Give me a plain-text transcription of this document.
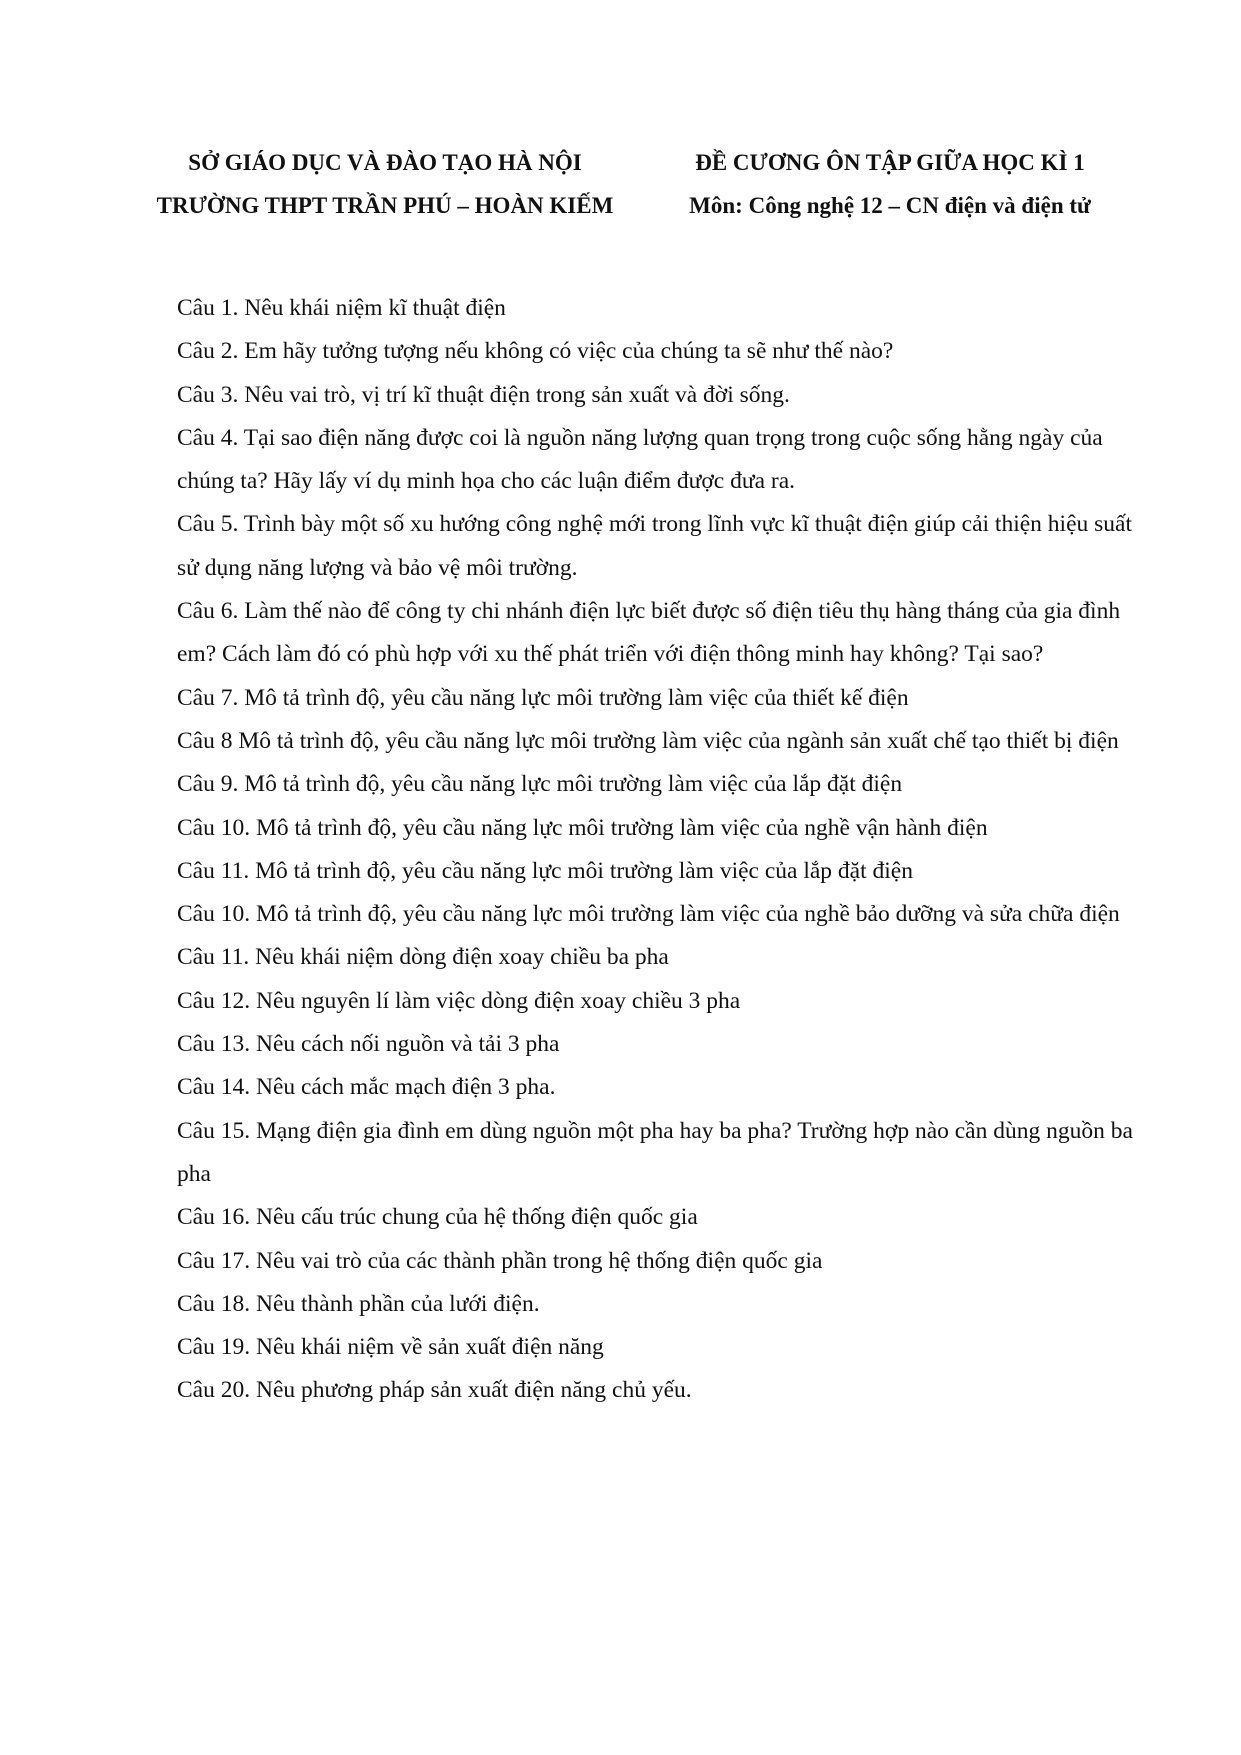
SỞ GIÁO DỤC VÀ ĐÀO TẠO HÀ NỘI
TRƯỜNG THPT TRẦN PHÚ – HOÀN KIẾM
ĐỀ CƯƠNG ÔN TẬP GIỮA HỌC KÌ 1
Môn: Công nghệ 12 – CN điện và điện tử

Câu 1. Nêu khái niệm kĩ thuật điện

Câu 2. Em hãy tưởng tượng nếu không có việc của chúng ta sẽ như thế nào?

Câu 3. Nêu vai trò, vị trí kĩ thuật điện trong sản xuất và đời sống.

Câu 4. Tại sao điện năng được coi là nguồn năng lượng quan trọng trong cuộc sống hằng ngày của chúng ta? Hãy lấy ví dụ minh họa cho các luận điểm được đưa ra.

Câu 5. Trình bày một số xu hướng công nghệ mới trong lĩnh vực kĩ thuật điện giúp cải thiện hiệu suất sử dụng năng lượng và bảo vệ môi trường.

Câu 6. Làm thế nào để công ty chi nhánh điện lực biết được số điện tiêu thụ hàng tháng của gia đình em? Cách làm đó có phù hợp với xu thế phát triển với điện thông minh hay không? Tại sao?

Câu 7. Mô tả trình độ, yêu cầu năng lực môi trường làm việc của thiết kế điện

Câu 8 Mô tả trình độ, yêu cầu năng lực môi trường làm việc của ngành sản xuất chế tạo thiết bị điện

Câu 9. Mô tả trình độ, yêu cầu năng lực môi trường làm việc của lắp đặt điện

Câu 10. Mô tả trình độ, yêu cầu năng lực môi trường làm việc của nghề vận hành điện

Câu 11. Mô tả trình độ, yêu cầu năng lực môi trường làm việc của lắp đặt điện

Câu 10. Mô tả trình độ, yêu cầu năng lực môi trường làm việc của nghề bảo dưỡng và sửa chữa điện

Câu 11. Nêu khái niệm dòng điện xoay chiều ba pha

Câu 12. Nêu nguyên lí làm việc dòng điện xoay chiều 3 pha

Câu 13. Nêu cách nối nguồn và tải 3 pha

Câu 14. Nêu cách mắc mạch điện 3 pha.

Câu 15. Mạng điện gia đình em dùng nguồn một pha hay ba pha? Trường hợp nào cần dùng nguồn ba pha

Câu 16. Nêu cấu trúc chung của hệ thống điện quốc gia

Câu 17. Nêu vai trò của các thành phần trong hệ thống điện quốc gia

Câu 18. Nêu thành phần của lưới điện.

Câu 19. Nêu khái niệm về sản xuất điện năng

Câu 20. Nêu phương pháp sản xuất điện năng chủ yếu.
